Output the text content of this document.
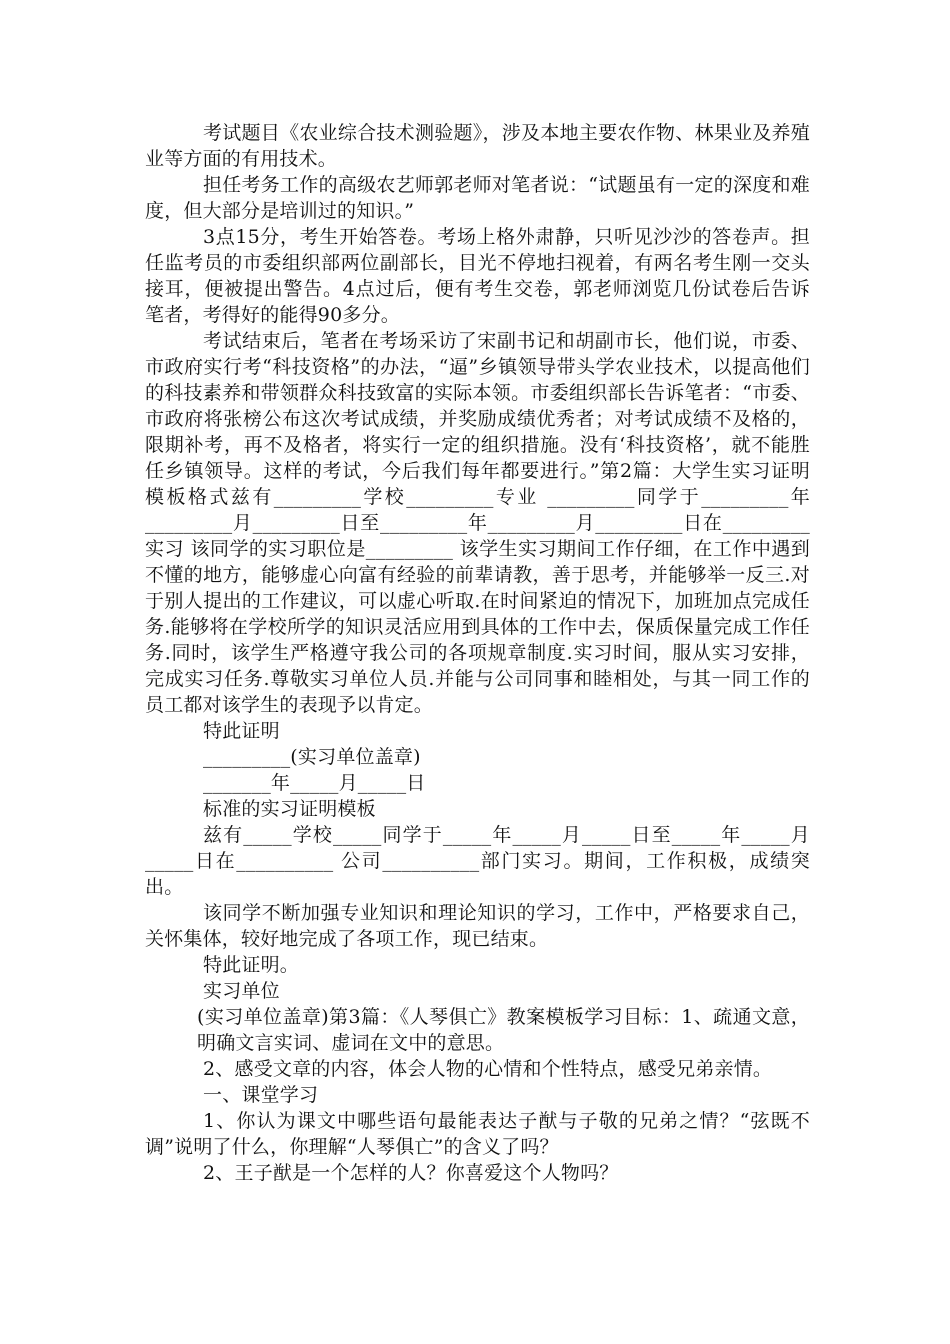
考试题目《农业综合技术测验题》，涉及本地主要农作物、林果业及养殖业等方面的有用技术。

担任考务工作的高级农艺师郭老师对笔者说：“试题虽有一定的深度和难度，但大部分是培训过的知识。”

3点15分，考生开始答卷。考场上格外肃静，只听见沙沙的答卷声。担任监考员的市委组织部两位副部长，目光不停地扫视着，有两名考生刚一交头接耳，便被提出警告。4点过后，便有考生交卷，郭老师浏览几份试卷后告诉笔者，考得好的能得90多分。

考试结束后，笔者在考场采访了宋副书记和胡副市长，他们说，市委、市政府实行考“科技资格”的办法，“逼”乡镇领导带头学农业技术，以提高他们的科技素养和带领群众科技致富的实际本领。市委组织部长告诉笔者：“市委、市政府将张榜公布这次考试成绩，并奖励成绩优秀者；对考试成绩不及格的，限期补考，再不及格者，将实行一定的组织措施。没有‘科技资格’，就不能胜任乡镇领导。这样的考试，今后我们每年都要进行。”第2篇：大学生实习证明模板格式兹有_________学校_________专业 _________同学于_________年_________月_________日至_________年_________月_________日在_________实习 该同学的实习职位是_________ 该学生实习期间工作仔细，在工作中遇到不懂的地方，能够虚心向富有经验的前辈请教，善于思考，并能够举一反三.对于别人提出的工作建议，可以虚心听取.在时间紧迫的情况下，加班加点完成任务.能够将在学校所学的知识灵活应用到具体的工作中去，保质保量完成工作任务.同时，该学生严格遵守我公司的各项规章制度.实习时间，服从实习安排，完成实习任务.尊敬实习单位人员.并能与公司同事和睦相处，与其一同工作的员工都对该学生的表现予以肯定。

特此证明

_________(实习单位盖章)

_______年_____月_____日

标准的实习证明模板

兹有_____学校_____同学于_____年_____月_____日至_____年_____月_____日在__________ 公司__________部门实习。期间，工作积极，成绩突出。

该同学不断加强专业知识和理论知识的学习，工作中，严格要求自己，关怀集体，较好地完成了各项工作，现已结束。

特此证明。

实习单位

(实习单位盖章)第3篇：《人琴俱亡》教案模板学习目标：1、疏通文意，明确文言实词、虚词在文中的意思。

2、感受文章的内容，体会人物的心情和个性特点，感受兄弟亲情。

一、课堂学习

1、你认为课文中哪些语句最能表达子猷与子敬的兄弟之情？“弦既不调”说明了什么，你理解“人琴俱亡”的含义了吗？

2、王子猷是一个怎样的人？你喜爱这个人物吗？
